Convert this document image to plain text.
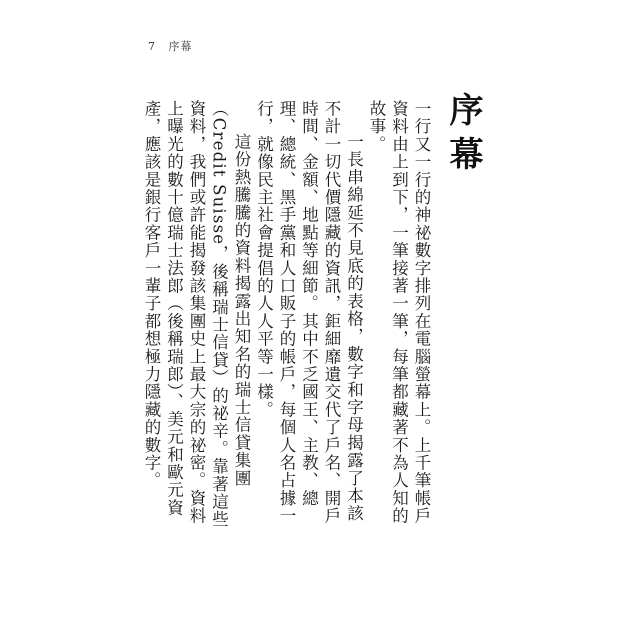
7 序幕
序幕

一行又一行的神祕數字排列在電腦螢幕上。上千筆帳戶資料由上到下，一筆接著一筆，每筆都藏著不為人知的故事。

一長串綿延不見底的表格，數字和字母揭露了本該不計一切代價隱藏的資訊，鉅細靡遺交代了戶名、開戶時間、金額、地點等細節。其中不乏國王、主教、總理、總統、黑手黨和人口販子的帳戶，每個人名占據一行，就像民主社會提倡的人人平等一樣。

這份熱騰騰的資料揭露出知名的瑞士信貸集團（Credit Suisse，後稱瑞士信貸）的祕辛。靠著這些資料，我們或許能揭發該集團史上最大宗的祕密。資料上曝光的數十億瑞士法郎（後稱瑞郎）、美元和歐元資產，應該是銀行客戶一輩子都想極力隱藏的數字。
